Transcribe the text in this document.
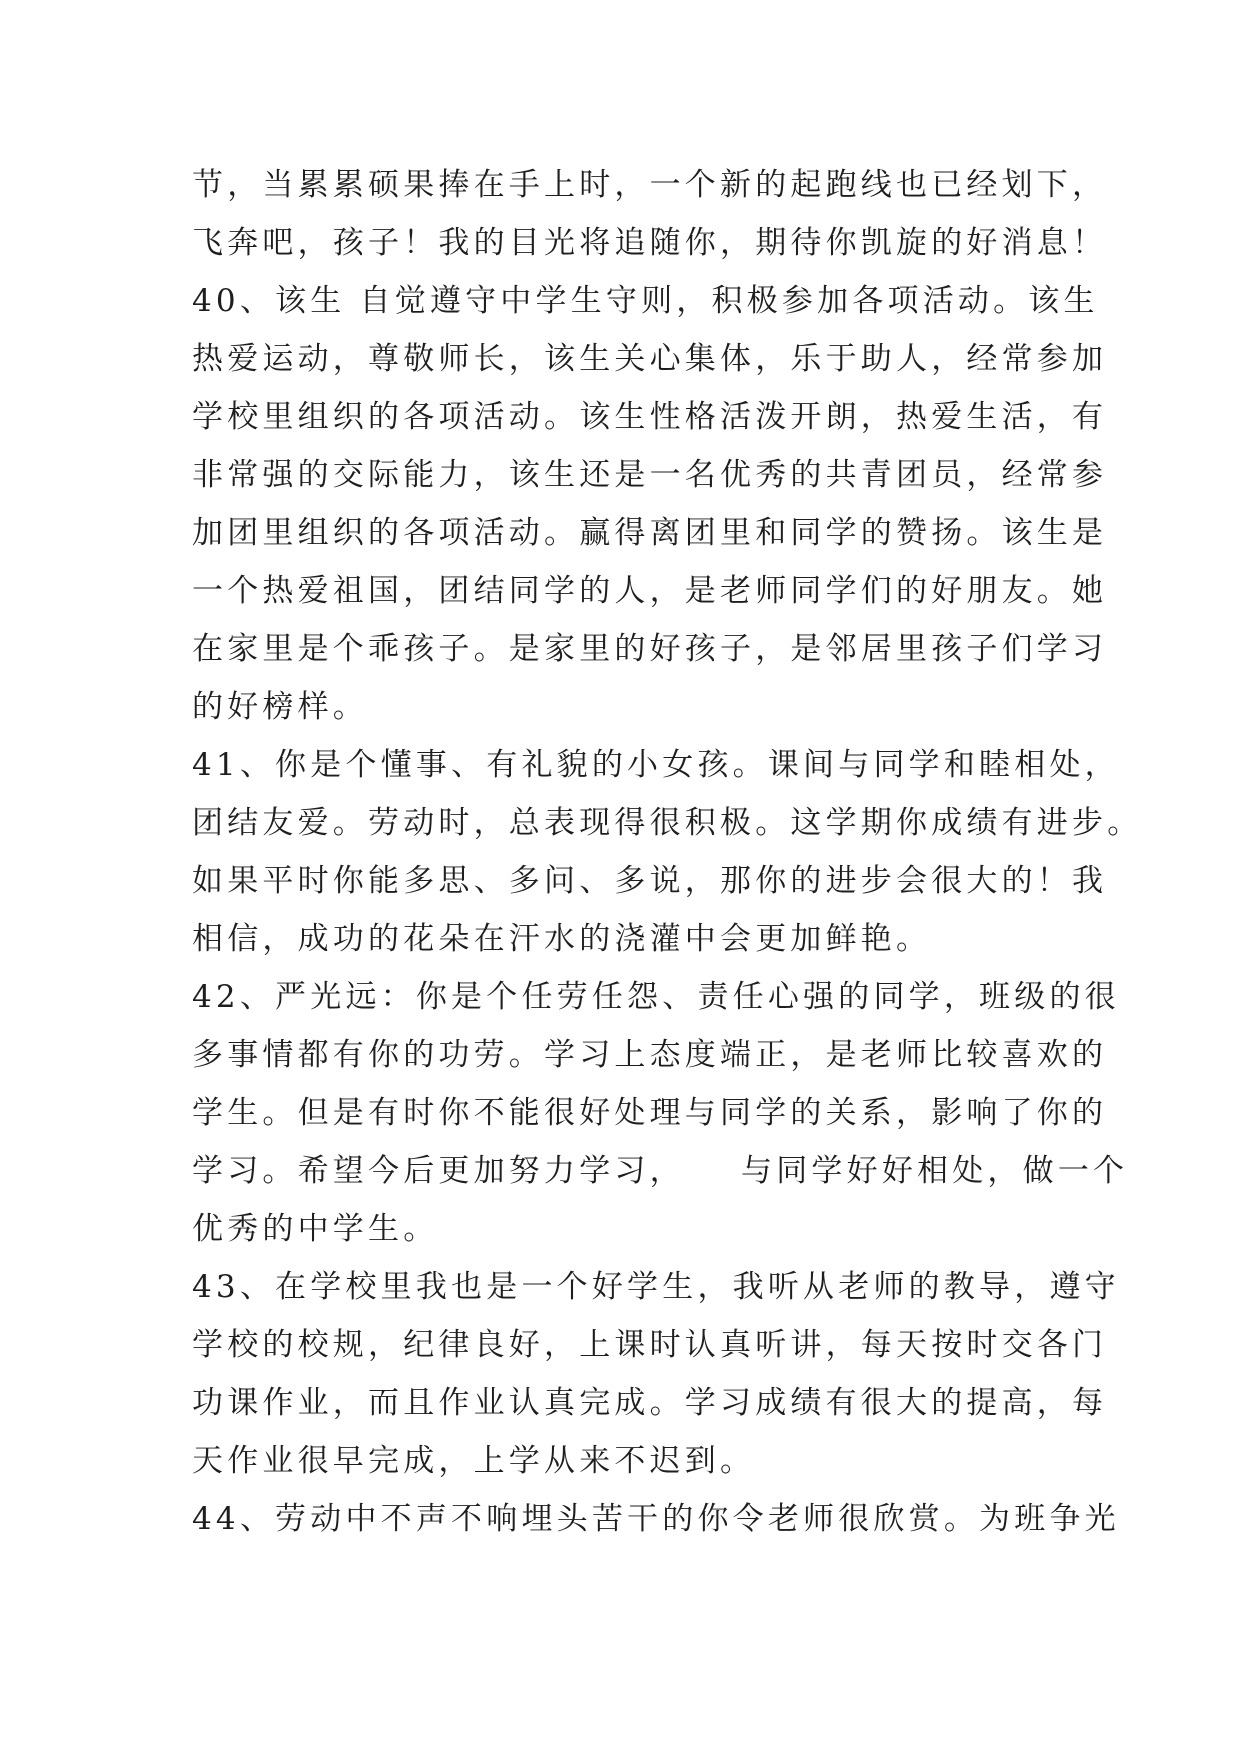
节，当累累硕果捧在手上时，一个新的起跑线也已经划下，
飞奔吧，孩子！我的目光将追随你，期待你凯旋的好消息！
40、该生 自觉遵守中学生守则，积极参加各项活动。该生
热爱运动，尊敬师长，该生关心集体，乐于助人，经常参加
学校里组织的各项活动。该生性格活泼开朗，热爱生活，有
非常强的交际能力，该生还是一名优秀的共青团员，经常参
加团里组织的各项活动。赢得离团里和同学的赞扬。该生是
一个热爱祖国，团结同学的人，是老师同学们的好朋友。她
在家里是个乖孩子。是家里的好孩子，是邻居里孩子们学习
的好榜样。
41、你是个懂事、有礼貌的小女孩。课间与同学和睦相处，
团结友爱。劳动时，总表现得很积极。这学期你成绩有进步。
如果平时你能多思、多问、多说，那你的进步会很大的！我
相信，成功的花朵在汗水的浇灌中会更加鲜艳。
42、严光远：你是个任劳任怨、责任心强的同学，班级的很
多事情都有你的功劳。学习上态度端正，是老师比较喜欢的
学生。但是有时你不能很好处理与同学的关系，影响了你的
学习。希望今后更加努力学习，    与同学好好相处，做一个
优秀的中学生。
43、在学校里我也是一个好学生，我听从老师的教导，遵守
学校的校规，纪律良好，上课时认真听讲，每天按时交各门
功课作业，而且作业认真完成。学习成绩有很大的提高，每
天作业很早完成，上学从来不迟到。
44、劳动中不声不响埋头苦干的你令老师很欣赏。为班争光
